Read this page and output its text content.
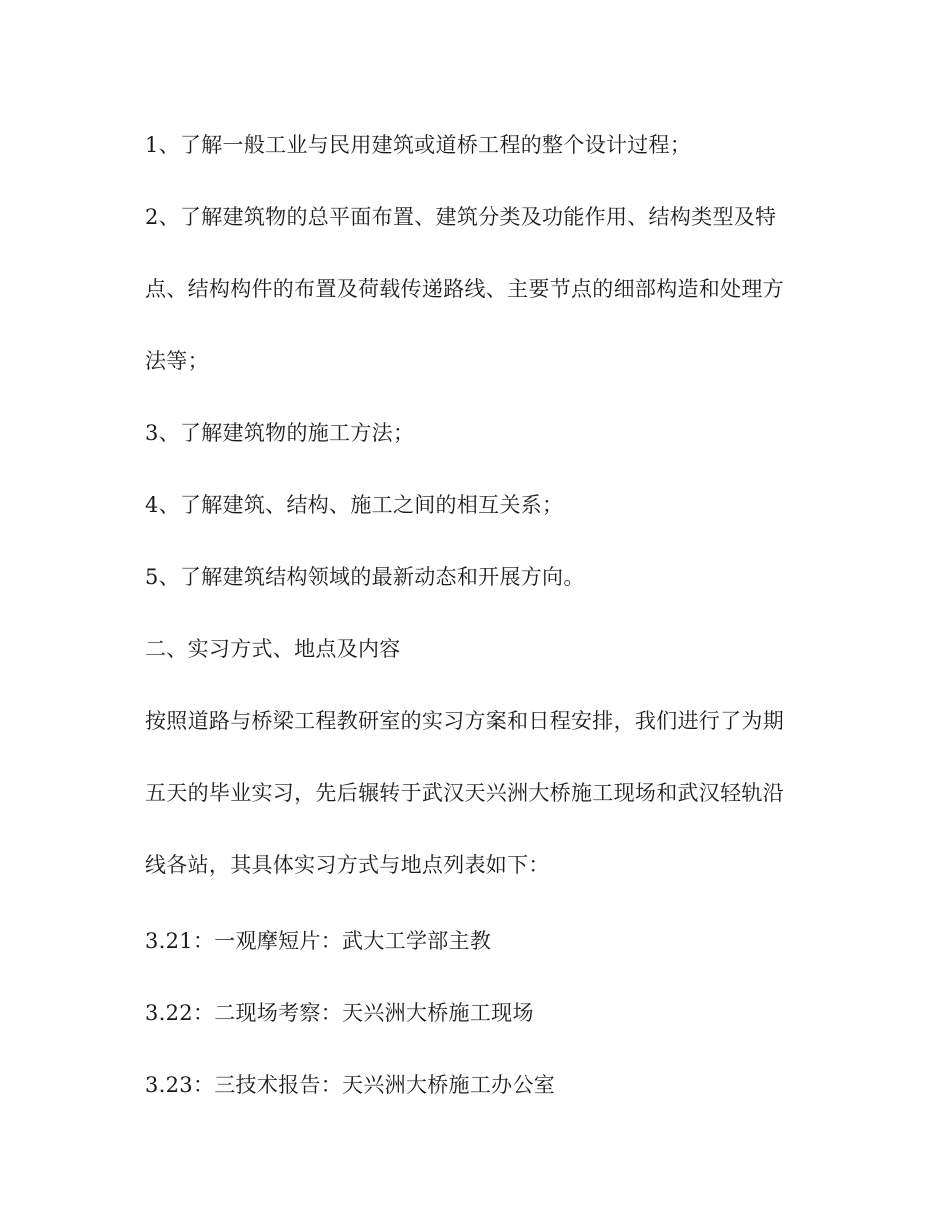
1、了解一般工业与民用建筑或道桥工程的整个设计过程；
2、了解建筑物的总平面布置、建筑分类及功能作用、结构类型及特
点、结构构件的布置及荷载传递路线、主要节点的细部构造和处理方
法等；
3、了解建筑物的施工方法；
4、了解建筑、结构、施工之间的相互关系；
5、了解建筑结构领域的最新动态和开展方向。
二、实习方式、地点及内容
按照道路与桥梁工程教研室的实习方案和日程安排，我们进行了为期
五天的毕业实习，先后辗转于武汉天兴洲大桥施工现场和武汉轻轨沿
线各站，其具体实习方式与地点列表如下：
3.21：一观摩短片：武大工学部主教
3.22：二现场考察：天兴洲大桥施工现场
3.23：三技术报告：天兴洲大桥施工办公室
